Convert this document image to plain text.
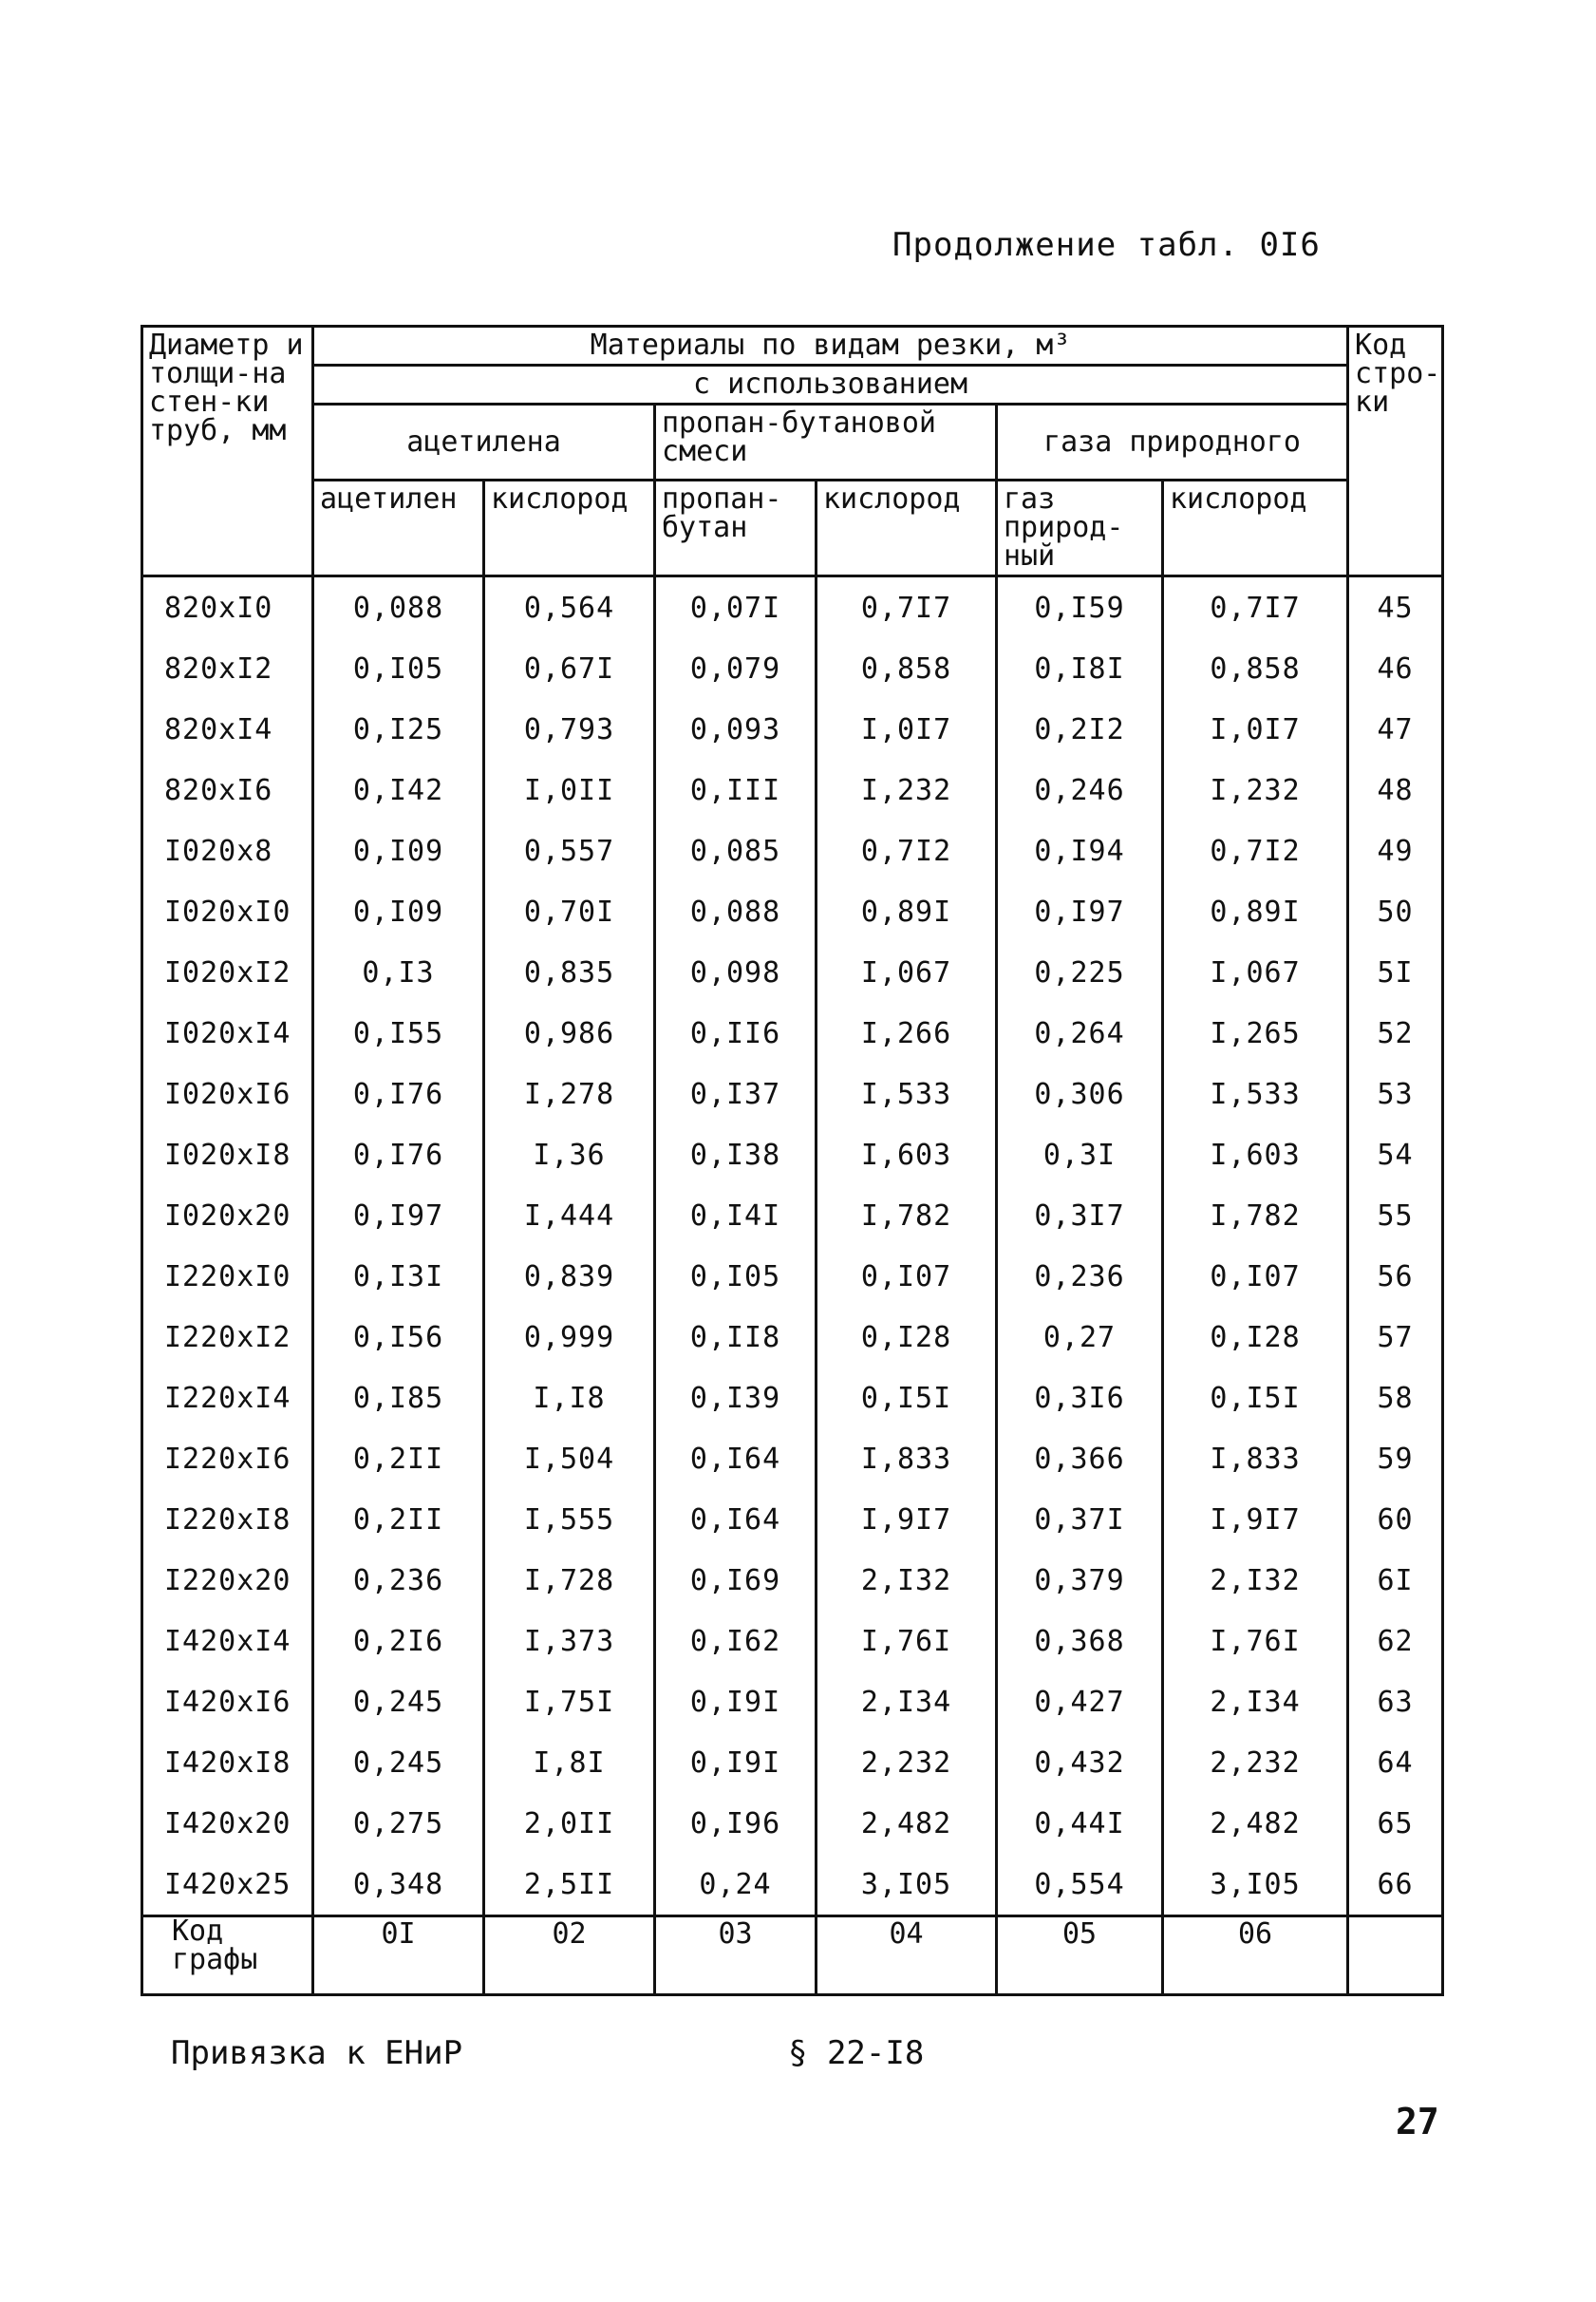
Продолжение табл. 0I6
Диаметр и толщи-на стен-ки труб, мм	Материалы по видам резки, м³						Код стро-ки
	с использованием						
	ацетилена		пропан-бутановой смеси		газа природного		
	ацетилен	кислород	пропан-бутан	кислород	газ природ-ный	кислород	
820xI0	0,088	0,564	0,07I	0,7I7	0,I59	0,7I7	45
820xI2	0,I05	0,67I	0,079	0,858	0,I8I	0,858	46
820xI4	0,I25	0,793	0,093	I,0I7	0,2I2	I,0I7	47
820xI6	0,I42	I,0II	0,III	I,232	0,246	I,232	48
I020x8	0,I09	0,557	0,085	0,7I2	0,I94	0,7I2	49
I020xI0	0,I09	0,70I	0,088	0,89I	0,I97	0,89I	50
I020xI2	0,I3	0,835	0,098	I,067	0,225	I,067	5I
I020xI4	0,I55	0,986	0,II6	I,266	0,264	I,265	52
I020xI6	0,I76	I,278	0,I37	I,533	0,306	I,533	53
I020xI8	0,I76	I,36	0,I38	I,603	0,3I	I,603	54
I020x20	0,I97	I,444	0,I4I	I,782	0,3I7	I,782	55
I220xI0	0,I3I	0,839	0,I05	0,I07	0,236	0,I07	56
I220xI2	0,I56	0,999	0,II8	0,I28	0,27	0,I28	57
I220xI4	0,I85	I,I8	0,I39	0,I5I	0,3I6	0,I5I	58
I220xI6	0,2II	I,504	0,I64	I,833	0,366	I,833	59
I220xI8	0,2II	I,555	0,I64	I,9I7	0,37I	I,9I7	60
I220x20	0,236	I,728	0,I69	2,I32	0,379	2,I32	6I
I420xI4	0,2I6	I,373	0,I62	I,76I	0,368	I,76I	62
I420xI6	0,245	I,75I	0,I9I	2,I34	0,427	2,I34	63
I420xI8	0,245	I,8I	0,I9I	2,232	0,432	2,232	64
I420x20	0,275	2,0II	0,I96	2,482	0,44I	2,482	65
I420x25	0,348	2,5II	0,24	3,I05	0,554	3,I05	66
Код графы	0I	02	03	04	05	06	
Привязка к ЕНиР	§ 22-I8
27
